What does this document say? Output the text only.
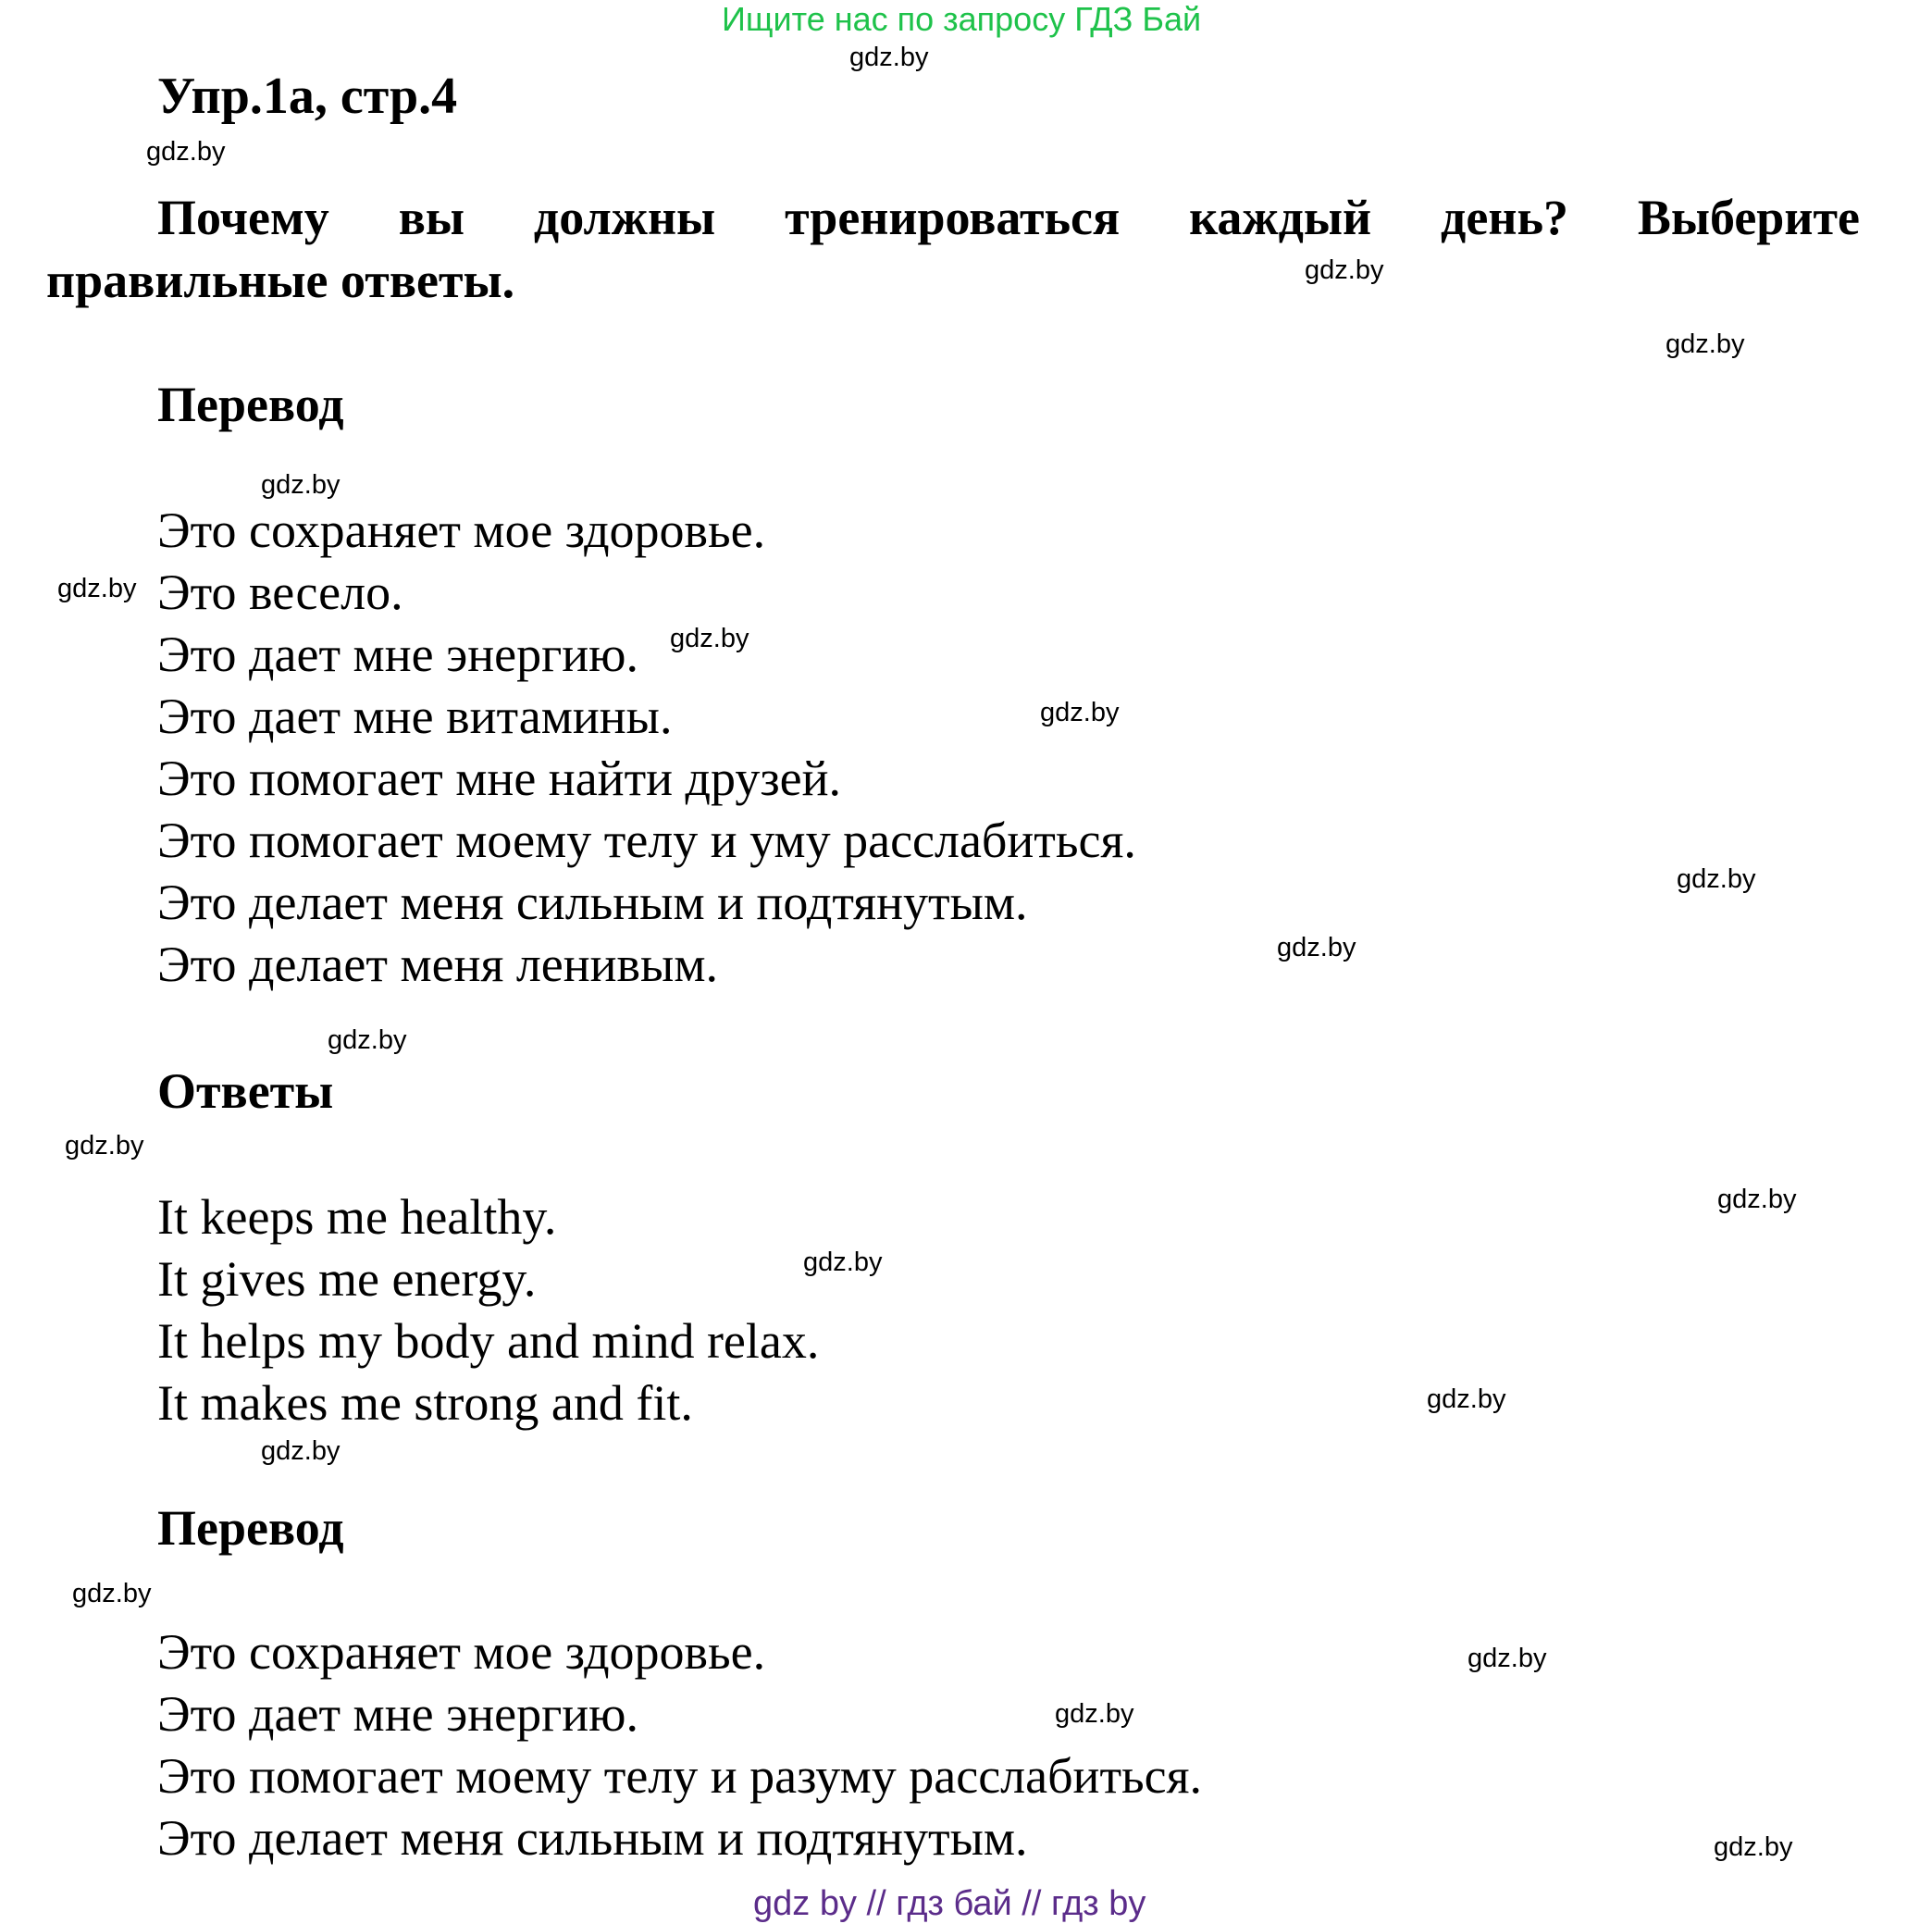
Ищите нас по запросу ГДЗ Бай
Упр.1а, стр.4
Почему вы должны тренироваться каждый день? Выберите
правильные ответы.
Перевод
Это сохраняет мое здоровье.
Это весело.
Это дает мне энергию.
Это дает мне витамины.
Это помогает мне найти друзей.
Это помогает моему телу и уму расслабиться.
Это делает меня сильным и подтянутым.
Это делает меня ленивым.
Ответы
It keeps me healthy.
It gives me energy.
It helps my body and mind relax.
It makes me strong and fit.
Перевод
Это сохраняет мое здоровье.
Это дает мне энергию.
Это помогает моему телу и разуму расслабиться.
Это делает меня сильным и подтянутым.
gdz.by
gdz.by
gdz.by
gdz.by
gdz.by
gdz.by
gdz.by
gdz.by
gdz.by
gdz.by
gdz.by
gdz.by
gdz.by
gdz.by
gdz.by
gdz.by
gdz.by
gdz.by
gdz.by
gdz.by
gdz by // гдз бай // гдз by
